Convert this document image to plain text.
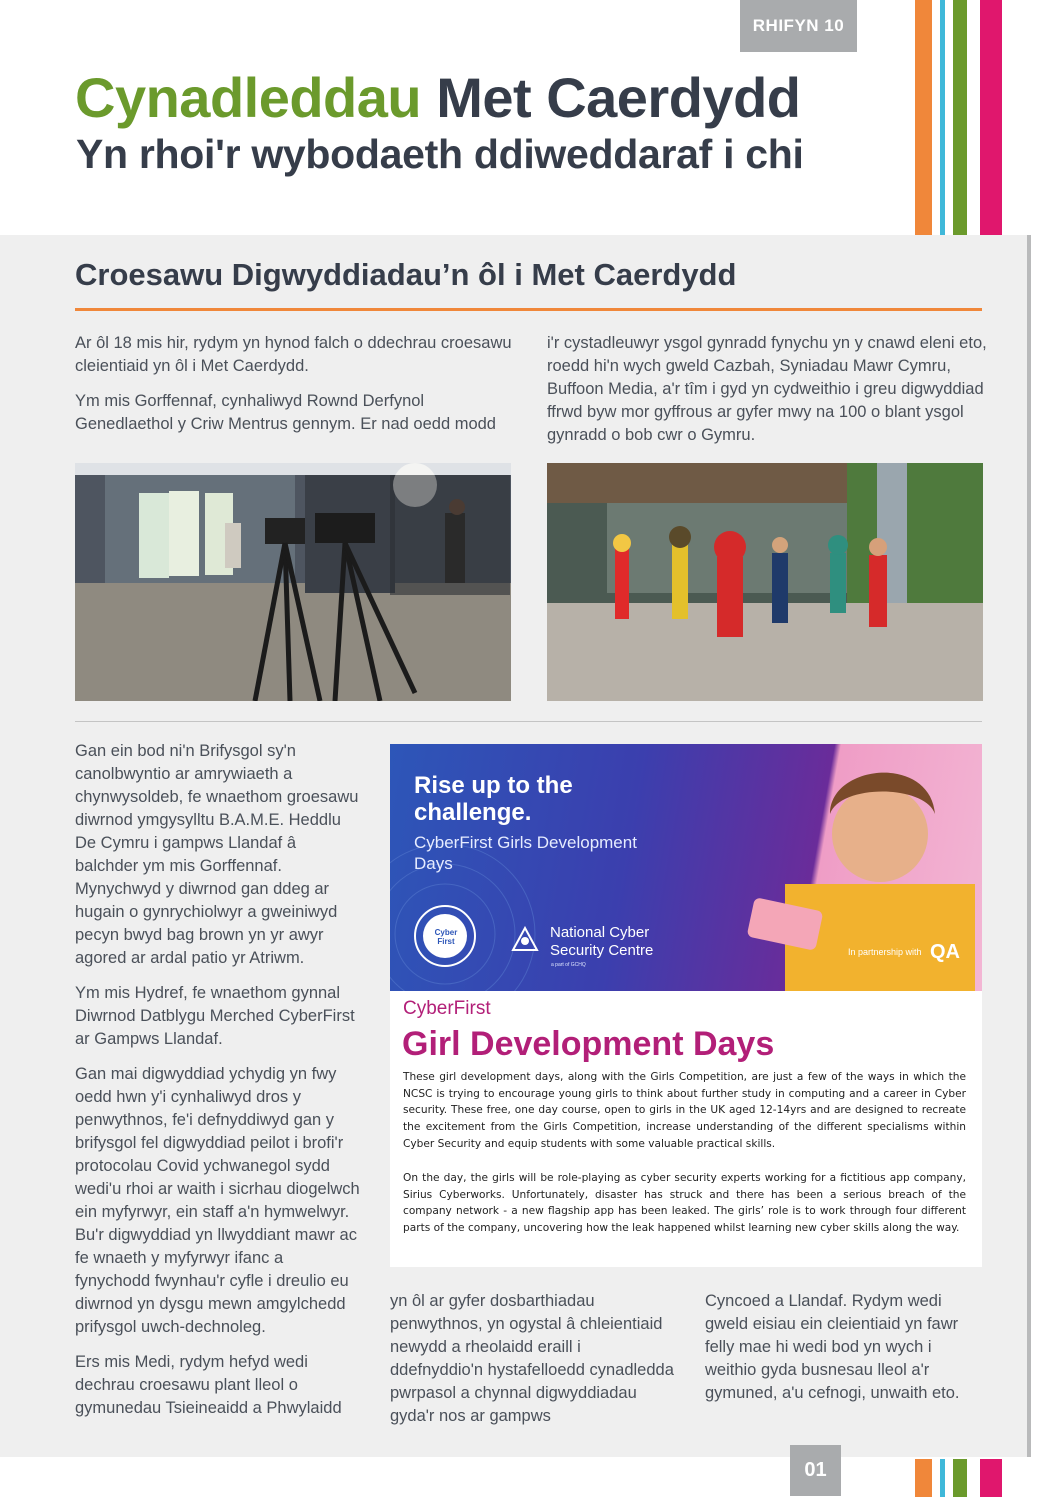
RHIFYN 10
Cynadleddau Met Caerdydd
Yn rhoi'r wybodaeth ddiweddaraf i chi
Croesawu Digwyddiadau’n ôl i Met Caerdydd

Ar ôl 18 mis hir, rydym yn hynod falch o ddechrau croesawu cleientiaid yn ôl i Met Caerdydd.

Ym mis Gorffennaf, cynhaliwyd Rownd Derfynol Genedlaethol y Criw Mentrus gennym. Er nad oedd modd

i'r cystadleuwyr ysgol gynradd fynychu yn y cnawd eleni eto, roedd hi'n wych gweld Cazbah, Syniadau Mawr Cymru, Buffoon Media, a'r tîm i gyd yn cydweithio i greu digwyddiad ffrwd byw mor gyffrous ar gyfer mwy na 100 o blant ysgol gynradd o bob cwr o Gymru.

Gan ein bod ni'n Brifysgol sy'n canolbwyntio ar amrywiaeth a chynwysoldeb, fe wnaethom groesawu diwrnod ymgysylltu B.A.M.E. Heddlu De Cymru i gampws Llandaf â balchder ym mis Gorffennaf. Mynychwyd y diwrnod gan ddeg ar hugain o gynrychiolwyr a gweiniwyd pecyn bwyd bag brown yn yr awyr agored ar ardal patio yr Atriwm.

Ym mis Hydref, fe wnaethom gynnal Diwrnod Datblygu Merched CyberFirst ar Gampws Llandaf.

Gan mai digwyddiad ychydig yn fwy oedd hwn y'i cynhaliwyd dros y penwythnos, fe'i defnyddiwyd gan y brifysgol fel digwyddiad peilot i brofi'r protocolau Covid ychwanegol sydd wedi'u rhoi ar waith i sicrhau diogelwch ein myfyrwyr, ein staff a'n hymwelwyr. Bu'r digwyddiad yn llwyddiant mawr ac fe wnaeth y myfyrwyr ifanc a fynychodd fwynhau'r cyfle i dreulio eu diwrnod yn dysgu mewn amgylchedd prifysgol uwch-dechnoleg.

Ers mis Medi, rydym hefyd wedi dechrau croesawu plant lleol o gymunedau Tsieineaidd a Phwylaidd

Cyber First
Rise up to the challenge.
CyberFirst Girls Development Days
National Cyber Security Centre
a part of GCHQ
In partnership with QA
CyberFirst
Girl Development Days

These girl development days, along with the Girls Competition, are just a few of the ways in which the NCSC is trying to encourage young girls to think about further study in computing and a career in Cyber security. These free, one day course, open to girls in the UK aged 12-14yrs and are designed to recreate the excitement from the Girls Competition, increase understanding of the different specialisms within Cyber Security and equip students with some valuable practical skills.

On the day, the girls will be role-playing as cyber security experts working for a fictitious app company, Sirius Cyberworks. Unfortunately, disaster has struck and there has been a serious breach of the company network - a new flagship app has been leaked. The girls’ role is to work through four different parts of the company, uncovering how the leak happened whilst learning new cyber skills along the way.

yn ôl ar gyfer dosbarthiadau penwythnos, yn ogystal â chleientiaid newydd a rheolaidd eraill i ddefnyddio'n hystafelloedd cynadledda pwrpasol a chynnal digwyddiadau gyda'r nos ar gampws

Cyncoed a Llandaf. Rydym wedi gweld eisiau ein cleientiaid yn fawr felly mae hi wedi bod yn wych i weithio gyda busnesau lleol a'r gymuned, a'u cefnogi, unwaith eto.

01
